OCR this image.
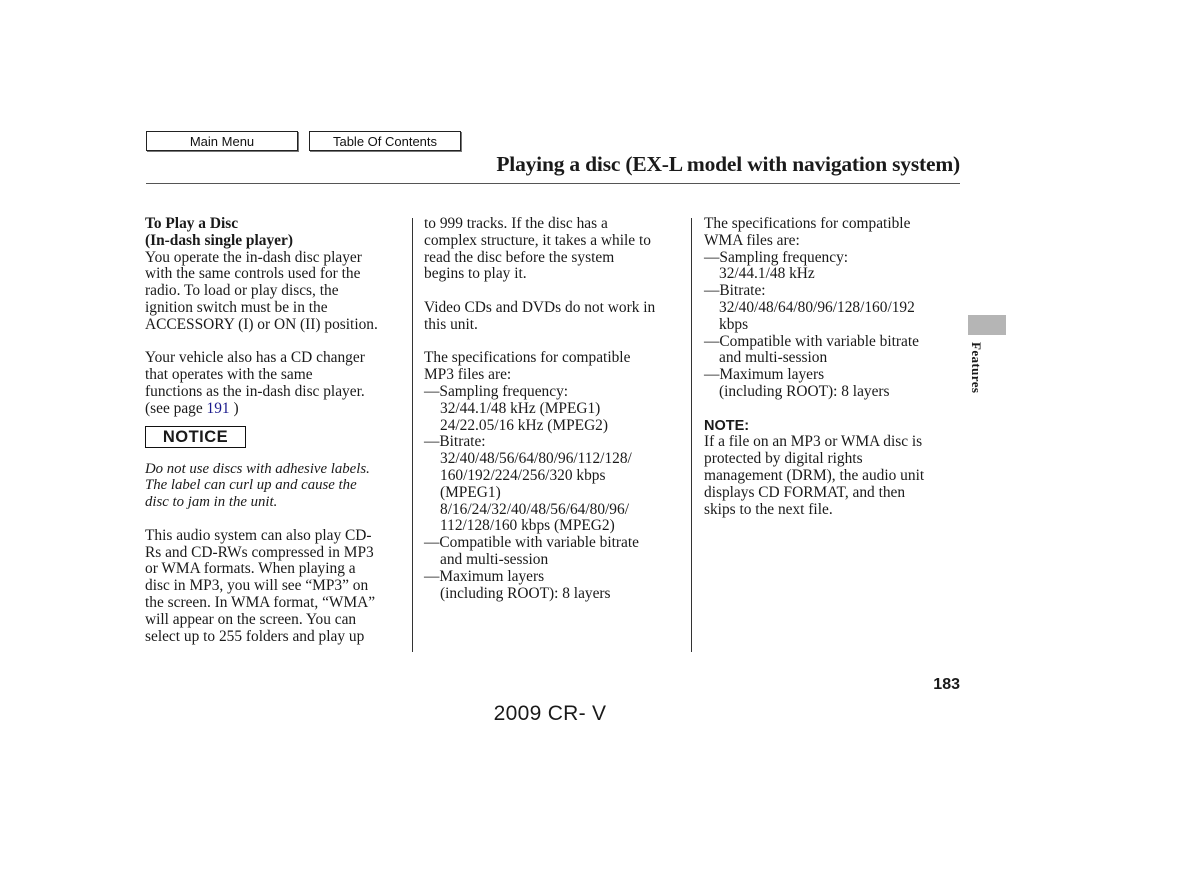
Main Menu	Table Of Contents
Playing a disc (EX-L model with navigation system)
To Play a Disc
(In-dash single player)

You operate the in-dash disc player
with the same controls used for the
radio. To load or play discs, the
ignition switch must be in the
ACCESSORY (I) or ON (II) position.

Your vehicle also has a CD changer
that operates with the same
functions as the in-dash disc player.
(see page 191 )

NOTICE

Do not use discs with adhesive labels.
The label can curl up and cause the
disc to jam in the unit.

This audio system can also play CD-
Rs and CD-RWs compressed in MP3
or WMA formats. When playing a
disc in MP3, you will see “MP3” on
the screen. In WMA format, “WMA”
will appear on the screen. You can
select up to 255 folders and play up

to 999 tracks. If the disc has a
complex structure, it takes a while to
read the disc before the system
begins to play it.

Video CDs and DVDs do not work in
this unit.

The specifications for compatible
MP3 files are:

—Sampling frequency:
32/44.1/48 kHz (MPEG1)
24/22.05/16 kHz (MPEG2)
—Bitrate:
32/40/48/56/64/80/96/112/128/
160/192/224/256/320 kbps
(MPEG1)
8/16/24/32/40/48/56/64/80/96/
112/128/160 kbps (MPEG2)
—Compatible with variable bitrate
and multi-session
—Maximum layers
(including ROOT): 8 layers

The specifications for compatible
WMA files are:

—Sampling frequency:
32/44.1/48 kHz
—Bitrate:
32/40/48/64/80/96/128/160/192
kbps
—Compatible with variable bitrate
and multi-session
—Maximum layers
(including ROOT): 8 layers
NOTE:

If a file on an MP3 or WMA disc is
protected by digital rights
management (DRM), the audio unit
displays CD FORMAT, and then
skips to the next file.

Features
183
2009 CR- V
